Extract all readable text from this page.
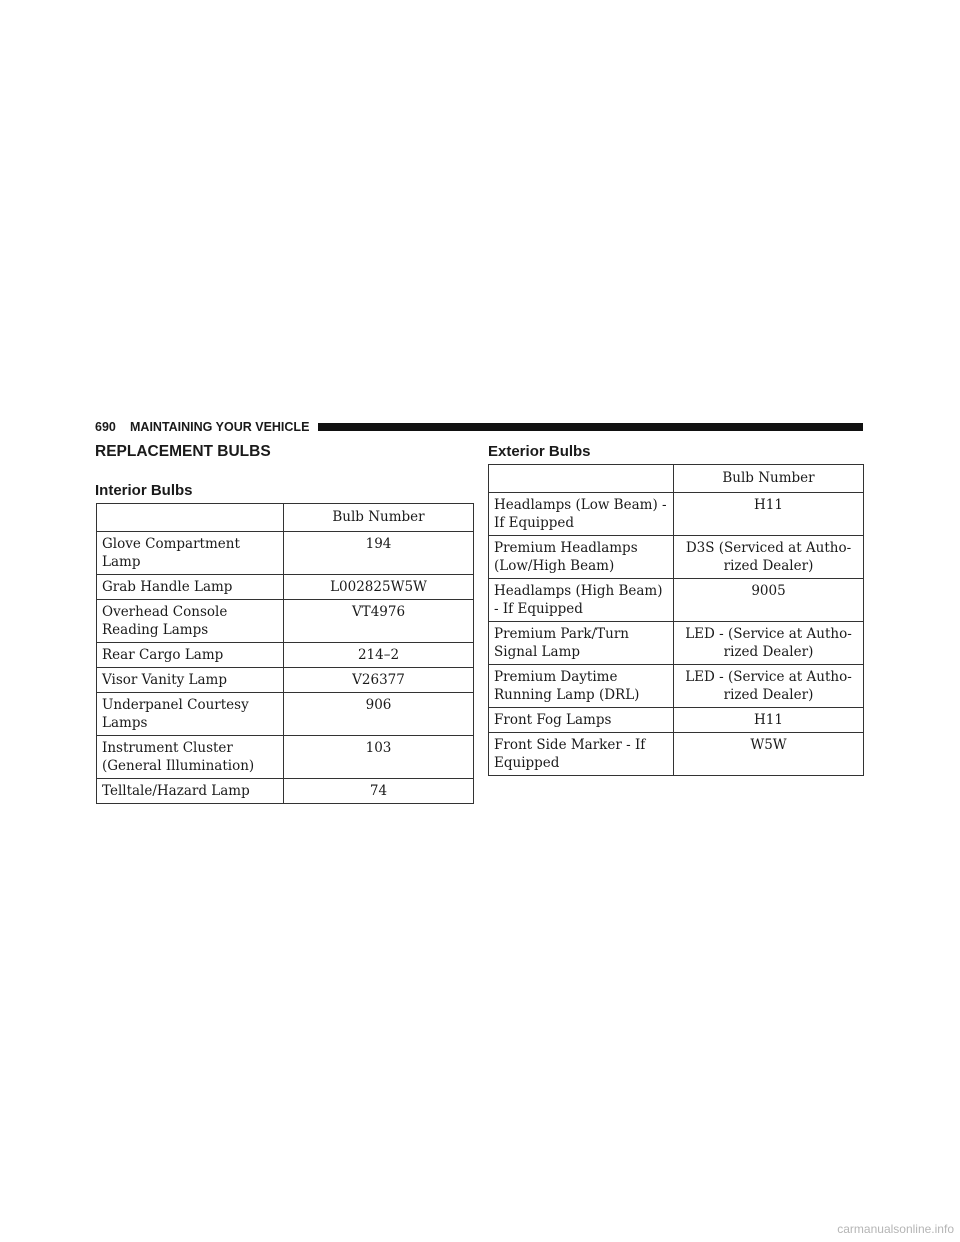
690 MAINTAINING YOUR VEHICLE
REPLACEMENT BULBS
Interior Bulbs
	Bulb Number
Glove Compartment Lamp	194
Grab Handle Lamp	L002825W5W
Overhead Console Reading Lamps	VT4976
Rear Cargo Lamp	214–2
Visor Vanity Lamp	V26377
Underpanel Courtesy Lamps	906
Instrument Cluster (General Illumination)	103
Telltale/Hazard Lamp	74
Exterior Bulbs
	Bulb Number
Headlamps (Low Beam) - If Equipped	H11
Premium Headlamps (Low/High Beam)	D3S (Serviced at Autho- rized Dealer)
Headlamps (High Beam) - If Equipped	9005
Premium Park/Turn Signal Lamp	LED - (Service at Autho- rized Dealer)
Premium Daytime Running Lamp (DRL)	LED - (Service at Autho- rized Dealer)
Front Fog Lamps	H11
Front Side Marker - If Equipped	W5W
carmanualsonline.info
